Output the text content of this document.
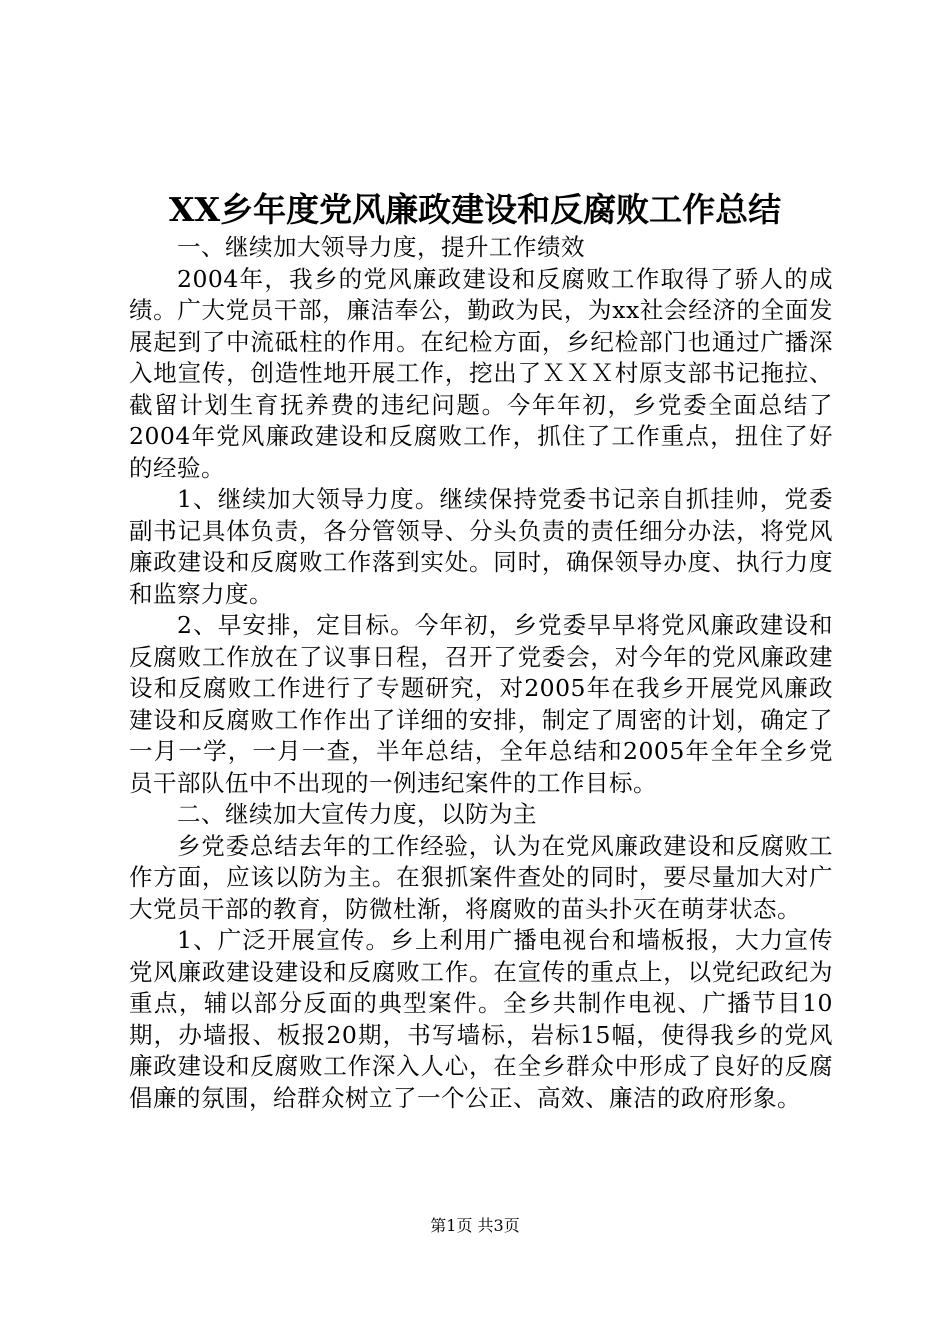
XX乡年度党风廉政建设和反腐败工作总结

一、继续加大领导力度，提升工作绩效

2004年，我乡的党风廉政建设和反腐败工作取得了骄人的成绩。广大党员干部，廉洁奉公，勤政为民，为xx社会经济的全面发展起到了中流砥柱的作用。在纪检方面，乡纪检部门也通过广播深入地宣传，创造性地开展工作，挖出了ＸＸＸ村原支部书记拖拉、截留计划生育抚养费的违纪问题。今年年初，乡党委全面总结了2004年党风廉政建设和反腐败工作，抓住了工作重点，扭住了好的经验。

1、继续加大领导力度。继续保持党委书记亲自抓挂帅，党委副书记具体负责，各分管领导、分头负责的责任细分办法，将党风廉政建设和反腐败工作落到实处。同时，确保领导办度、执行力度和监察力度。

2、早安排，定目标。今年初，乡党委早早将党风廉政建设和反腐败工作放在了议事日程，召开了党委会，对今年的党风廉政建设和反腐败工作进行了专题研究，对2005年在我乡开展党风廉政建设和反腐败工作作出了详细的安排，制定了周密的计划，确定了一月一学，一月一查，半年总结，全年总结和2005年全年全乡党员干部队伍中不出现的一例违纪案件的工作目标。

二、继续加大宣传力度，以防为主

乡党委总结去年的工作经验，认为在党风廉政建设和反腐败工作方面，应该以防为主。在狠抓案件查处的同时，要尽量加大对广大党员干部的教育，防微杜渐，将腐败的苗头扑灭在萌芽状态。

1、广泛开展宣传。乡上利用广播电视台和墙板报，大力宣传党风廉政建设建设和反腐败工作。在宣传的重点上，以党纪政纪为重点，辅以部分反面的典型案件。全乡共制作电视、广播节目10期，办墙报、板报20期，书写墙标，岩标15幅，使得我乡的党风廉政建设和反腐败工作深入人心，在全乡群众中形成了良好的反腐倡廉的氛围，给群众树立了一个公正、高效、廉洁的政府形象。

第1页 共3页
